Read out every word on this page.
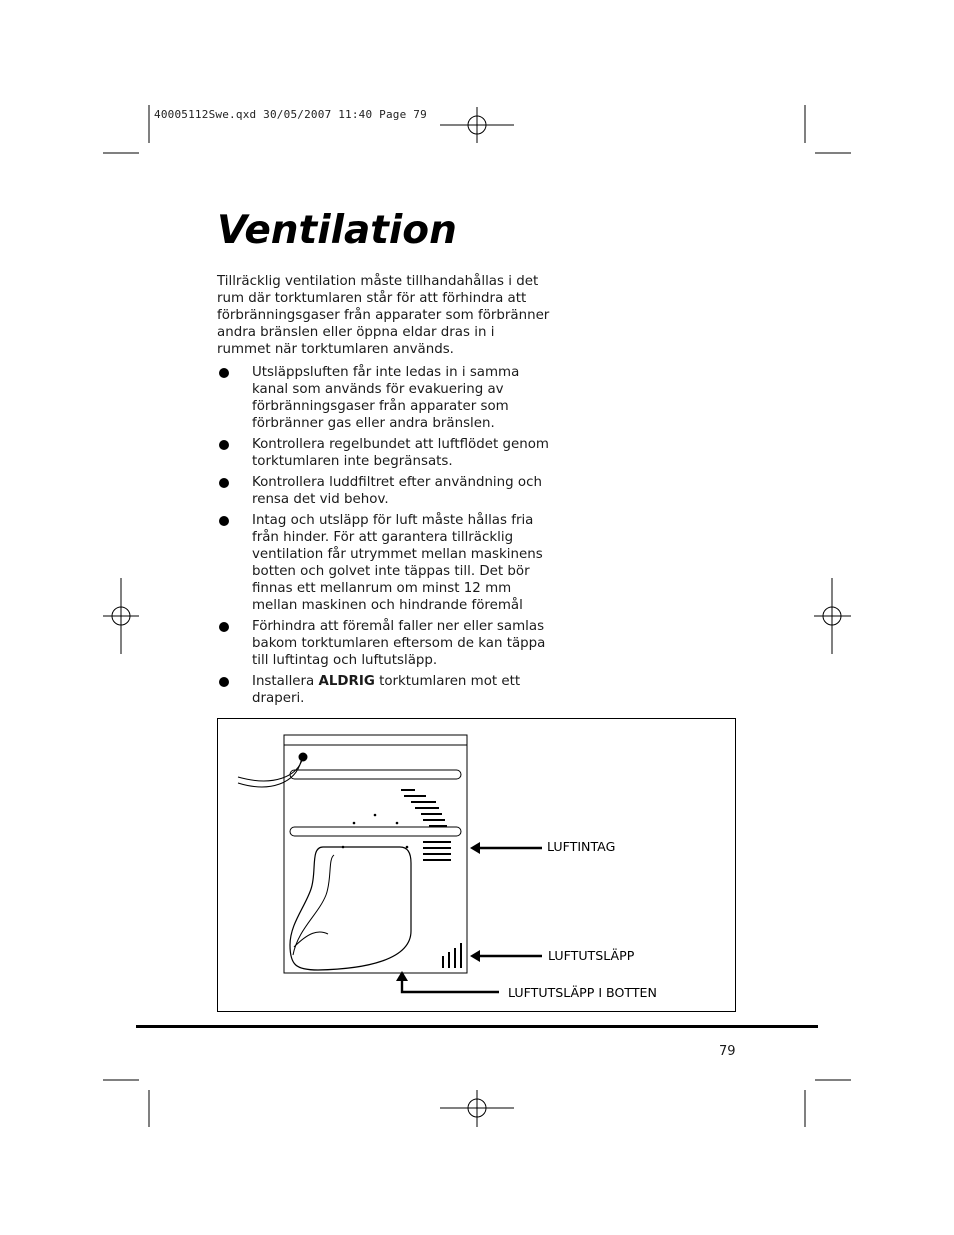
40005112Swe.qxd 30/05/2007 11:40 Page 79
Ventilation

Tillräcklig ventilation måste tillhandahållas i det rum där torktumlaren står för att förhindra att förbränningsgaser från apparater som förbränner andra bränslen eller öppna eldar dras in i rummet när torktumlaren används.

Utsläppsluften får inte ledas in i samma kanal som används för evakuering av förbränningsgaser från apparater som förbränner gas eller andra bränslen.
Kontrollera regelbundet att luftflödet genom torktumlaren inte begränsats.
Kontrollera luddfiltret efter användning och rensa det vid behov.
Intag och utsläpp för luft måste hållas fria från hinder. För att garantera tillräcklig ventilation får utrymmet mellan maskinens botten och golvet inte täppas till. Det bör finnas ett mellanrum om minst 12 mm mellan maskinen och hindrande föremål
Förhindra att föremål faller ner eller samlas bakom torktumlaren eftersom de kan täppa till luftintag och luftutsläpp.
Installera ALDRIG torktumlaren mot ett draperi.
LUFTINTAG
LUFTUTSLÄPP
LUFTUTSLÄPP I BOTTEN
79
